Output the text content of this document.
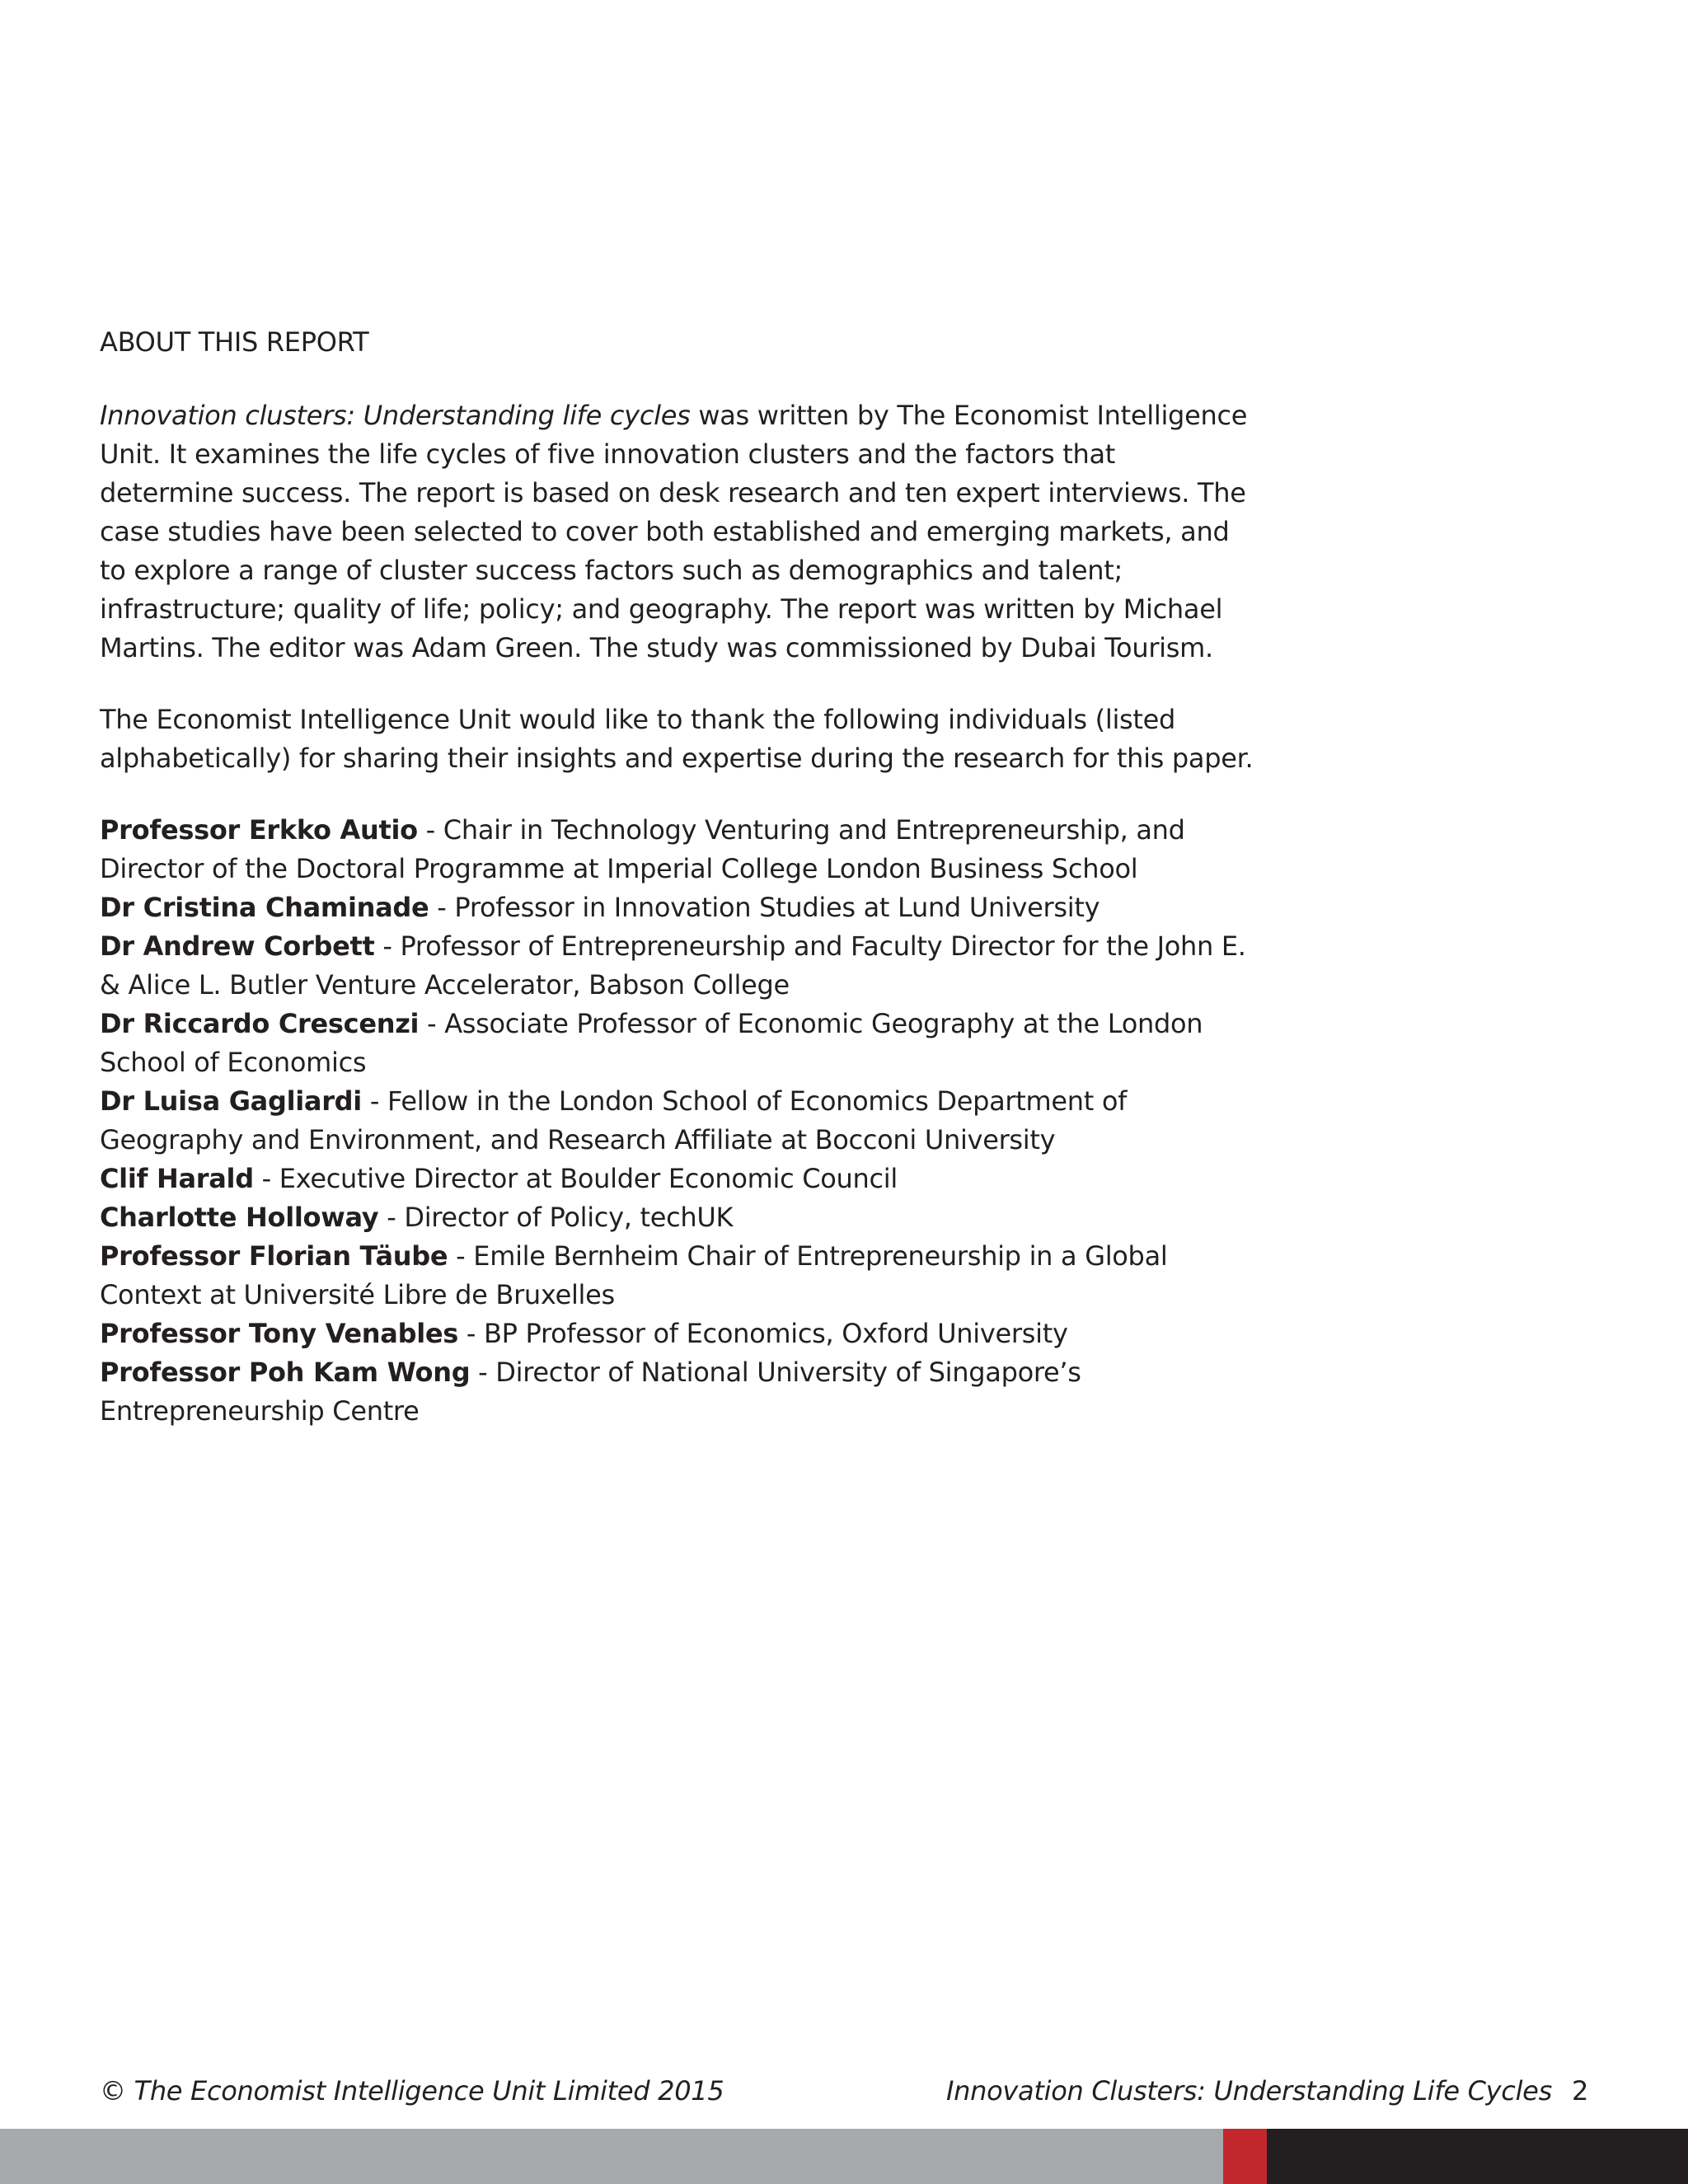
ABOUT THIS REPORT

Innovation clusters: Understanding life cycles was written by The Economist Intelligence Unit. It examines the life cycles of five innovation clusters and the factors that determine success. The report is based on desk research and ten expert interviews. The case studies have been selected to cover both established and emerging markets, and to explore a range of cluster success factors such as demographics and talent; infrastructure; quality of life; policy; and geography. The report was written by Michael Martins. The editor was Adam Green. The study was commissioned by Dubai Tourism.

The Economist Intelligence Unit would like to thank the following individuals (listed alphabetically) for sharing their insights and expertise during the research for this paper.

Professor Erkko Autio - Chair in Technology Venturing and Entrepreneurship, and Director of the Doctoral Programme at Imperial College London Business School
Dr Cristina Chaminade - Professor in Innovation Studies at Lund University
Dr Andrew Corbett - Professor of Entrepreneurship and Faculty Director for the John E. & Alice L. Butler Venture Accelerator, Babson College
Dr Riccardo Crescenzi - Associate Professor of Economic Geography at the London School of Economics
Dr Luisa Gagliardi - Fellow in the London School of Economics Department of Geography and Environment, and Research Affiliate at Bocconi University
Clif Harald - Executive Director at Boulder Economic Council
Charlotte Holloway - Director of Policy, techUK
Professor Florian Täube - Emile Bernheim Chair of Entrepreneurship in a Global Context at Université Libre de Bruxelles
Professor Tony Venables - BP Professor of Economics, Oxford University
Professor Poh Kam Wong - Director of National University of Singapore’s Entrepreneurship Centre
© The Economist Intelligence Unit Limited 2015	Innovation Clusters: Understanding Life Cycles 2
